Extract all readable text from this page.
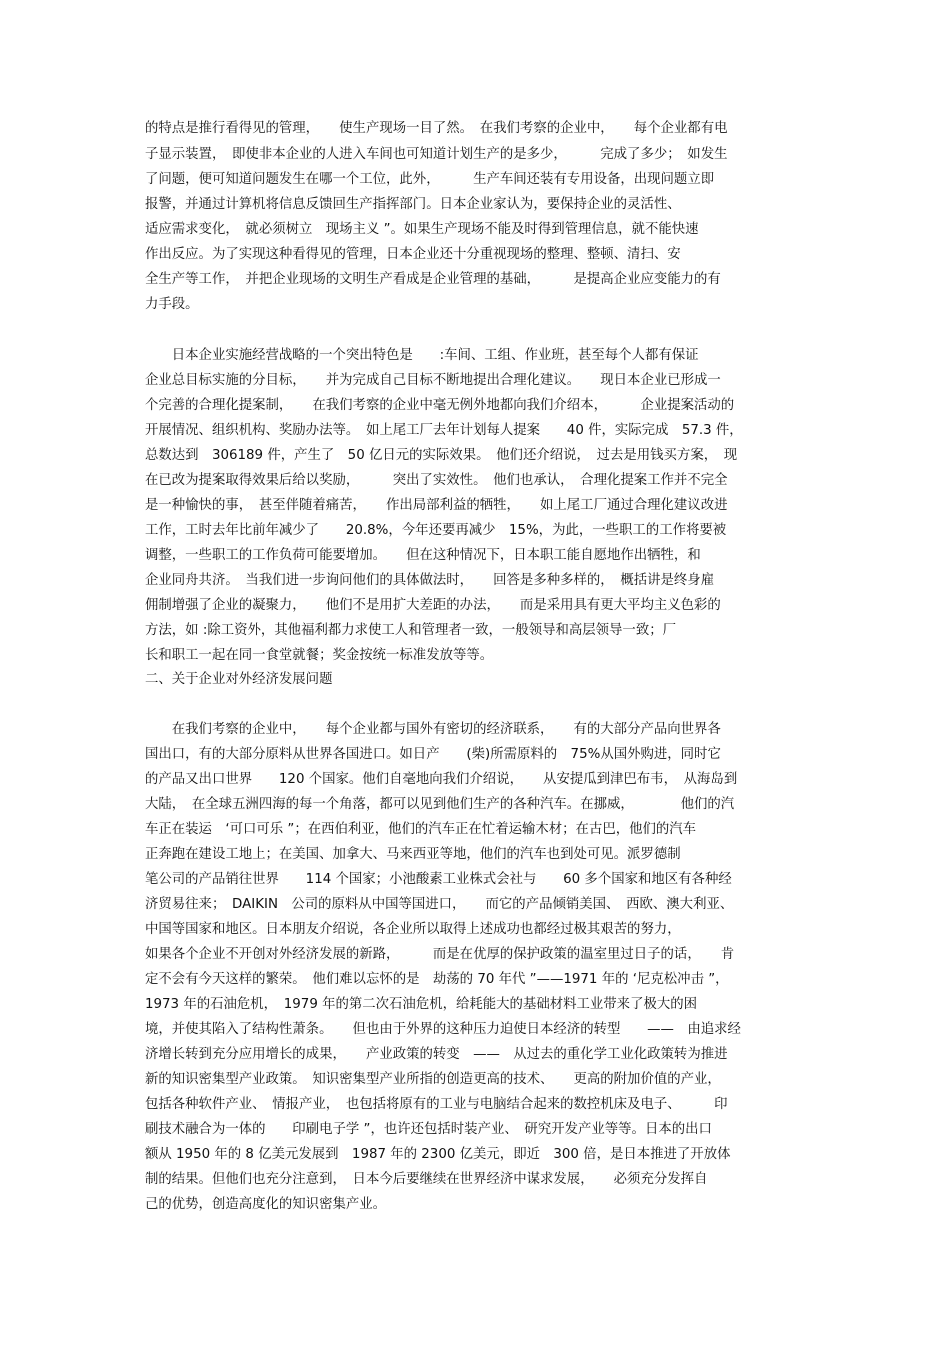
的特点是推行看得见的管理，　　使生产现场一目了然。　在我们考察的企业中，　　每个企业都有电
子显示装置，　即使非本企业的人进入车间也可知道计划生产的是多少，　　　完成了多少；　如发生
了问题，便可知道问题发生在哪一个工位，此外，　　　生产车间还装有专用设备，出现问题立即
报警，并通过计算机将信息反馈回生产指挥部门。日本企业家认为，要保持企业的灵活性、
适应需求变化，　就必须树立　现场主义 ”。如果生产现场不能及时得到管理信息，就不能快速
作出反应。为了实现这种看得见的管理，日本企业还十分重视现场的整理、整顿、清扫、安
全生产等工作，　并把企业现场的文明生产看成是企业管理的基础，　　　是提高企业应变能力的有
力手段。
　　日本企业实施经营战略的一个突出特色是　　:车间、工组、作业班，甚至每个人都有保证
企业总目标实施的分目标，　　并为完成自己目标不断地提出合理化建议。　　现日本企业已形成一
个完善的合理化提案制，　　在我们考察的企业中毫无例外地都向我们介绍本，　　　企业提案活动的
开展情况、组织机构、奖励办法等。　如上尾工厂去年计划每人提案　　40 件，实际完成　57.3 件，
总数达到　306189 件，产生了　50 亿日元的实际效果。　他们还介绍说，　过去是用钱买方案，　现
在已改为提案取得效果后给以奖励，　　　突出了实效性。　他们也承认，　合理化提案工作并不完全
是一种愉快的事，　甚至伴随着痛苦，　　作出局部利益的牺牲，　　如上尾工厂通过合理化建议改进
工作，工时去年比前年减少了　　20.8%，今年还要再减少　15%，为此，一些职工的工作将要被
调整，一些职工的工作负荷可能要增加。　　但在这种情况下，日本职工能自愿地作出牺牲，和
企业同舟共济。　当我们进一步询问他们的具体做法时，　　回答是多种多样的，　概括讲是终身雇
佣制增强了企业的凝聚力，　　他们不是用扩大差距的办法，　　而是采用具有更大平均主义色彩的
方法，如 :除工资外，其他福利都力求使工人和管理者一致，一般领导和高层领导一致；厂
长和职工一起在同一食堂就餐；奖金按统一标准发放等等。
二、关于企业对外经济发展问题
　　在我们考察的企业中，　　每个企业都与国外有密切的经济联系，　　有的大部分产品向世界各
国出口，有的大部分原料从世界各国进口。如日产　　(柴)所需原料的　75%从国外购进，同时它
的产品又出口世界　　120 个国家。他们自毫地向我们介绍说，　　从安提瓜到津巴布韦，　从海岛到
大陆，　在全球五洲四海的每一个角落，都可以见到他们生产的各种汽车。在挪威，　　　　他们的汽
车正在装运　‘可口可乐 ”；在西伯利亚，他们的汽车正在忙着运输木材；在古巴，他们的汽车
正奔跑在建设工地上；在美国、加拿大、马来西亚等地，他们的汽车也到处可见。派罗德制
笔公司的产品销往世界　　114 个国家；小池酸素工业株式会社与　　60 多个国家和地区有各种经
济贸易往来；　DAIKIN　公司的原料从中国等国进口，　　而它的产品倾销美国、　西欧、澳大利亚、
中国等国家和地区。日本朋友介绍说，各企业所以取得上述成功也都经过极其艰苦的努力，
如果各个企业不开创对外经济发展的新路，　　　而是在优厚的保护政策的温室里过日子的话，　　肯
定不会有今天这样的繁荣。　他们难以忘怀的是　劫荡的 70 年代 ”——1971 年的 ‘尼克松冲击 ”，
1973 年的石油危机，　1979 年的第二次石油危机，给耗能大的基础材料工业带来了极大的困
境，并使其陷入了结构性萧条。　　但也由于外界的这种压力迫使日本经济的转型　　——　由追求经
济增长转到充分应用增长的成果，　　产业政策的转变　——　从过去的重化学工业化政策转为推进
新的知识密集型产业政策。　知识密集型产业所指的创造更高的技术、　　更高的附加价值的产业，
包括各种软件产业、　情报产业，　也包括将原有的工业与电脑结合起来的数控机床及电子、　　　印
刷技术融合为一体的　　印刷电子学 ”，也许还包括时装产业、　研究开发产业等等。日本的出口
额从 1950 年的 8 亿美元发展到　1987 年的 2300 亿美元，即近　300 倍，是日本推进了开放体
制的结果。但他们也充分注意到，　日本今后要继续在世界经济中谋求发展，　　必须充分发挥自
己的优势，创造高度化的知识密集产业。
